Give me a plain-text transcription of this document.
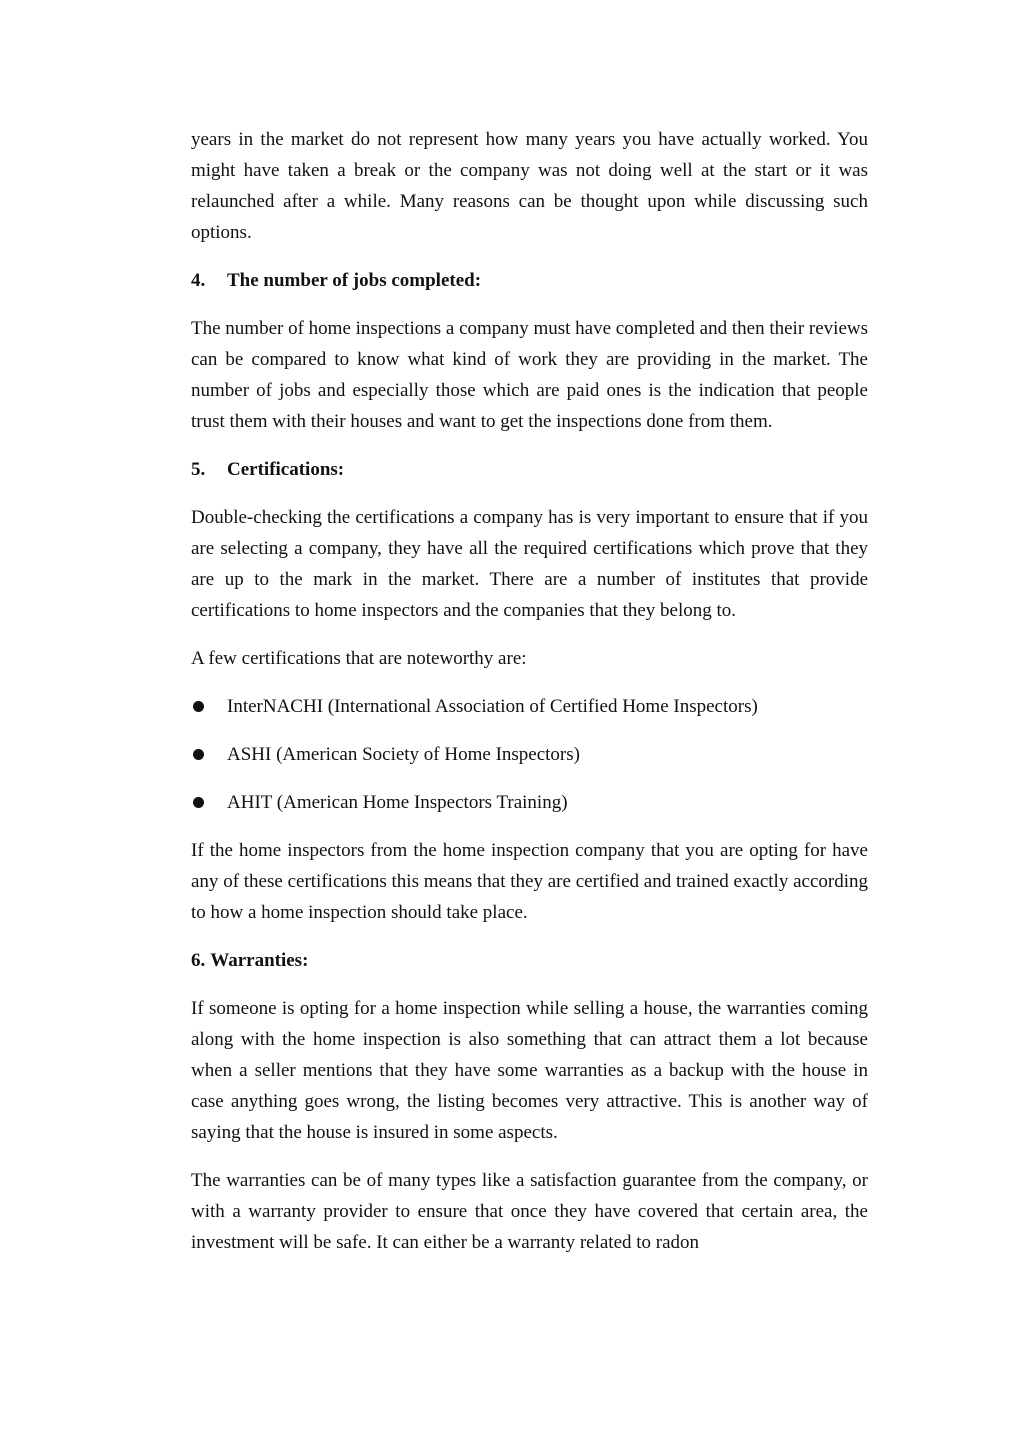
years in the market do not represent how many years you have actually worked. You might have taken a break or the company was not doing well at the start or it was relaunched after a while. Many reasons can be thought upon while discussing such options.

4.	The number of jobs completed:

The number of home inspections a company must have completed and then their reviews can be compared to know what kind of work they are providing in the market. The number of jobs and especially those which are paid ones is the indication that people trust them with their houses and want to get the inspections done from them.

5.	Certifications:

Double-checking the certifications a company has is very important to ensure that if you are selecting a company, they have all the required certifications which prove that they are up to the mark in the market. There are a number of institutes that provide certifications to home inspectors and the companies that they belong to.

A few certifications that are noteworthy are:

InterNACHI (International Association of Certified Home Inspectors)
ASHI (American Society of Home Inspectors)
AHIT (American Home Inspectors Training)

If the home inspectors from the home inspection company that you are opting for have any of these certifications this means that they are certified and trained exactly according to how a home inspection should take place.

6. Warranties:

If someone is opting for a home inspection while selling a house, the warranties coming along with the home inspection is also something that can attract them a lot because when a seller mentions that they have some warranties as a backup with the house in case anything goes wrong, the listing becomes very attractive. This is another way of saying that the house is insured in some aspects.

The warranties can be of many types like a satisfaction guarantee from the company, or with a warranty provider to ensure that once they have covered that certain area, the investment will be safe. It can either be a warranty related to radon
